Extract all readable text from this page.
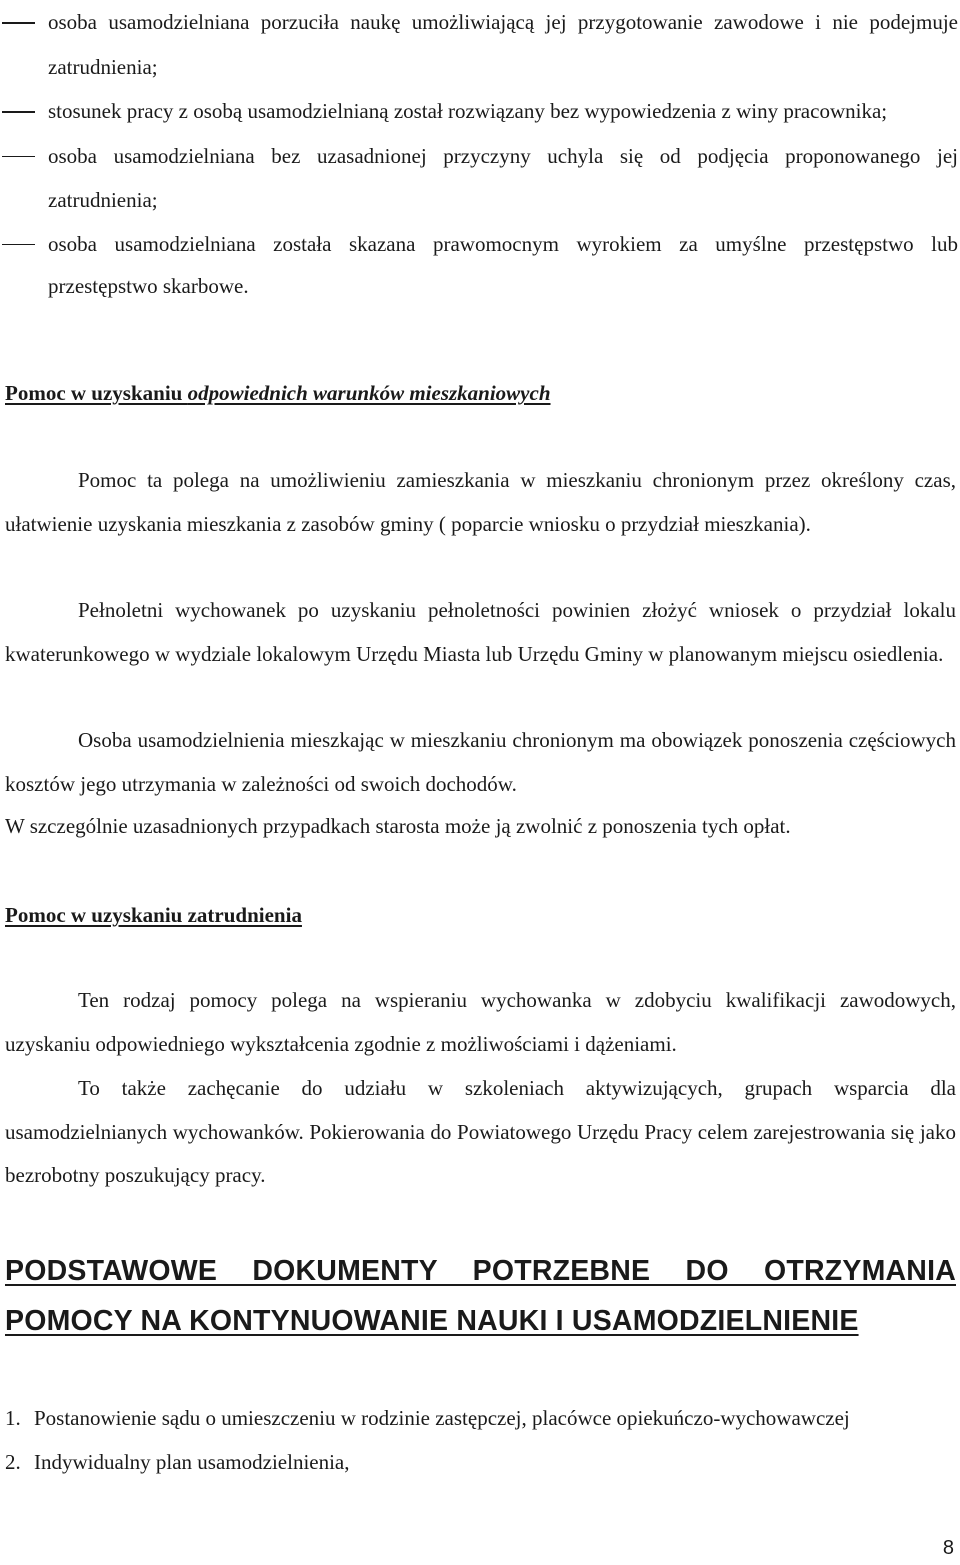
osoba usamodzielniana porzuciła naukę umożliwiającą jej przygotowanie zawodowe i nie podejmuje zatrudnienia;
stosunek pracy z osobą usamodzielnianą został rozwiązany bez wypowiedzenia z winy pracownika;
osoba usamodzielniana bez uzasadnionej przyczyny uchyla się od podjęcia proponowanego jej zatrudnienia;
osoba usamodzielniana została skazana prawomocnym wyrokiem za umyślne przestępstwo lub przestępstwo skarbowe.
Pomoc w uzyskaniu odpowiednich warunków mieszkaniowych

Pomoc ta polega na umożliwieniu zamieszkania w mieszkaniu chronionym przez określony czas, ułatwienie uzyskania mieszkania z zasobów gminy ( poparcie wniosku o przydział mieszkania).

Pełnoletni wychowanek po uzyskaniu pełnoletności powinien złożyć wniosek o przydział lokalu kwaterunkowego w wydziale lokalowym Urzędu Miasta lub Urzędu Gminy w planowanym miejscu osiedlenia.

Osoba usamodzielnienia mieszkając w mieszkaniu chronionym ma obowiązek ponoszenia częściowych kosztów jego utrzymania w zależności od swoich dochodów.

W szczególnie uzasadnionych przypadkach starosta może ją zwolnić z ponoszenia tych opłat.

Pomoc w uzyskaniu zatrudnienia

Ten rodzaj pomocy polega na wspieraniu wychowanka w zdobyciu kwalifikacji zawodowych, uzyskaniu odpowiedniego wykształcenia zgodnie z możliwościami i dążeniami.

To także zachęcanie do udziału w szkoleniach aktywizujących, grupach wsparcia dla usamodzielnianych wychowanków. Pokierowania do Powiatowego Urzędu Pracy celem zarejestrowania się jako bezrobotny poszukujący pracy.

PODSTAWOWE DOKUMENTY POTRZEBNE DO OTRZYMANIA POMOCY NA KONTYNUOWANIE NAUKI I USAMODZIELNIENIE
1. Postanowienie sądu o umieszczeniu w rodzinie zastępczej, placówce opiekuńczo-wychowawczej
2. Indywidualny plan usamodzielnienia,
8
